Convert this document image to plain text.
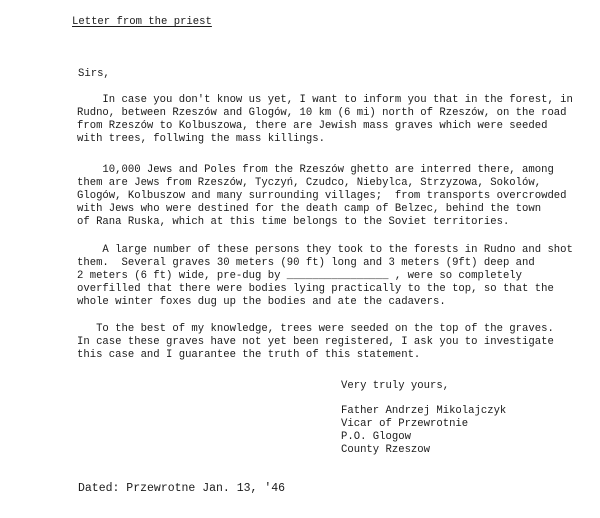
Letter from the priest
Sirs,
In case you don't know us yet, I want to inform you that in the forest, in
Rudno, between Rzeszów and Glogów, 10 km (6 mi) north of Rzeszów, on the road
from Rzeszów to Kolbuszowa, there are Jewish mass graves which were seeded
with trees, follwing the mass killings.
10,000 Jews and Poles from the Rzeszów ghetto are interred there, among
them are Jews from Rzeszów, Tyczyń, Czudco, Niebylca, Strzyzowa, Sokolów,
Glogów, Kolbuszow and many surrounding villages;  from transports overcrowded
with Jews who were destined for the death camp of Belzec, behind the town
of Rana Ruska, which at this time belongs to the Soviet territories.
A large number of these persons they took to the forests in Rudno and shot
them.  Several graves 30 meters (90 ft) long and 3 meters (9ft) deep and
2 meters (6 ft) wide, pre-dug by ________________ , were so completely
overfilled that there were bodies lying practically to the top, so that the
whole winter foxes dug up the bodies and ate the cadavers.
To the best of my knowledge, trees were seeded on the top of the graves.
In case these graves have not yet been registered, I ask you to investigate
this case and I guarantee the truth of this statement.
Very truly yours,
Father Andrzej Mikolajczyk
Vicar of Przewrotnie
P.O. Glogow
County Rzeszow
Dated: Przewrotne Jan. 13, '46
